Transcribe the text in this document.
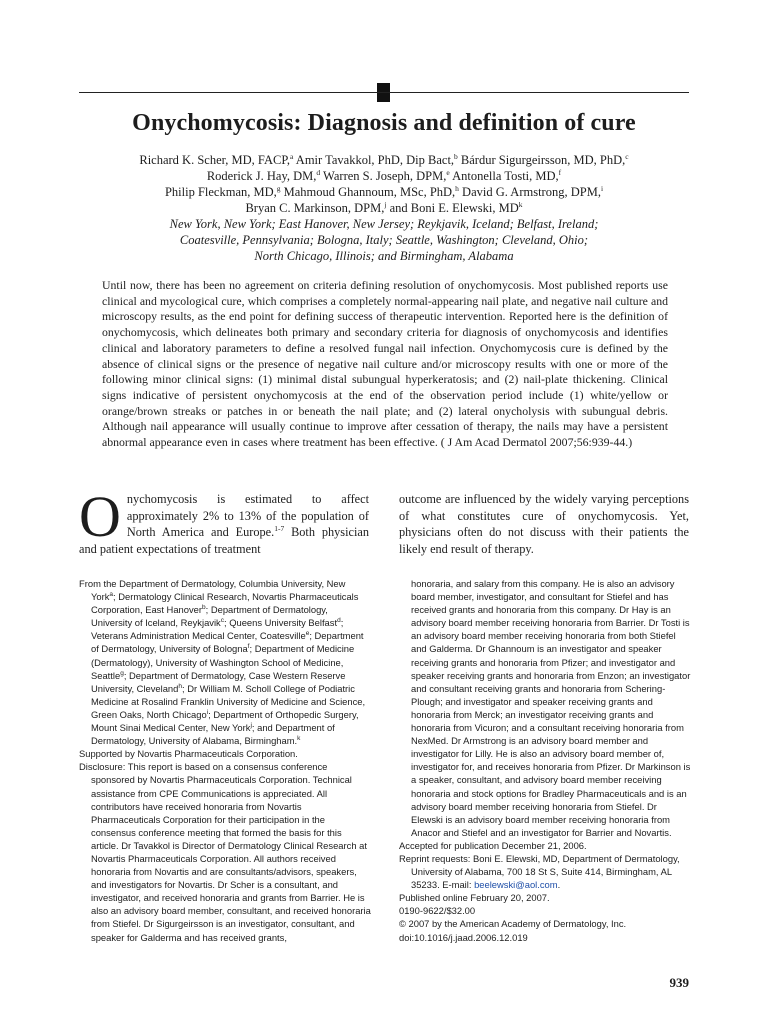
Onychomycosis: Diagnosis and definition of cure
Richard K. Scher, MD, FACP,$^a$ Amir Tavakkol, PhD, Dip Bact,$^b$ Bárdur Sigurgeirsson, MD, PhD,$^c$
Roderick J. Hay, DM,$^d$ Warren S. Joseph, DPM,$^e$ Antonella Tosti, MD,$^f$
Philip Fleckman, MD,$^g$ Mahmoud Ghannoum, MSc, PhD,$^h$ David G. Armstrong, DPM,$^i$
Bryan C. Markinson, DPM,$^j$ and Boni E. Elewski, $MD^k$
New York, New York; East Hanover, New Jersey; Reykjavik, Iceland; Belfast, Ireland;
Coatesville, Pennsylvania; Bologna, Italy; Seattle, Washington; Cleveland, Ohio;
North Chicago, Illinois; and Birmingham, Alabama
Until now, there has been no agreement on criteria defining resolution of onychomycosis. Most published reports use clinical and mycological cure, which comprises a completely normal-appearing nail plate, and negative nail culture and microscopy results, as the end point for defining success of therapeutic intervention. Reported here is the definition of onychomycosis, which delineates both primary and secondary criteria for diagnosis of onychomycosis and identifies clinical and laboratory parameters to define a resolved fungal nail infection. Onychomycosis cure is defined by the absence of clinical signs or the presence of negative nail culture and/or microscopy results with one or more of the following minor clinical signs: (1) minimal distal subungual hyperkeratosis; and (2) nail-plate thickening. Clinical signs indicative of persistent onychomycosis at the end of the observation period include (1) white/yellow or orange/brown streaks or patches in or beneath the nail plate; and (2) lateral onycholysis with subungual debris. Although nail appearance will usually continue to improve after cessation of therapy, the nails may have a persistent abnormal appearance even in cases where treatment has been effective. ( J Am Acad Dermatol 2007;56:939-44.)
Onychomycosis is estimated to affect approximately 2% to 13% of the population of North America and Europe.$^{1-7}$ Both physician and patient expectations of treatment
outcome are influenced by the widely varying perceptions of what constitutes cure of onychomycosis. Yet, physicians often do not discuss with their patients the likely end result of therapy.

From the Department of Dermatology, Columbia University, New York$^a$; Dermatology Clinical Research, Novartis Pharmaceuticals Corporation, East Hanover$^b$; Department of Dermatology, University of Iceland, Reykjavik$^c$; Queens University Belfast$^d$; Veterans Administration Medical Center, Coatesville$^e$; Department of Dermatology, University of Bologna$^f$; Department of Medicine (Dermatology), University of Washington School of Medicine, Seattle$^g$; Department of Dermatology, Case Western Reserve University, Cleveland$^h$; Dr William M. Scholl College of Podiatric Medicine at Rosalind Franklin University of Medicine and Science, Green Oaks, North Chicago$^i$; Department of Orthopedic Surgery, Mount Sinai Medical Center, New York$^j$; and Department of Dermatology, University of Alabama, Birmingham.$^k$

Supported by Novartis Pharmaceuticals Corporation.

Disclosure: This report is based on a consensus conference sponsored by Novartis Pharmaceuticals Corporation. Technical assistance from CPE Communications is appreciated. All contributors have received honoraria from Novartis Pharmaceuticals Corporation for their participation in the consensus conference meeting that formed the basis for this article. Dr Tavakkol is Director of Dermatology Clinical Research at Novartis Pharmaceuticals Corporation. All authors received honoraria from Novartis and are consultants/advisors, speakers, and investigators for Novartis. Dr Scher is a consultant, and investigator, and received honoraria and grants from Barrier. He is also an advisory board member, consultant, and received honoraria from Stiefel. Dr Sigurgeirsson is an investigator, consultant, and speaker for Galderma and has received grants,

honoraria, and salary from this company. He is also an advisory board member, investigator, and consultant for Stiefel and has received grants and honoraria from this company. Dr Hay is an advisory board member receiving honoraria from Barrier. Dr Tosti is an advisory board member receiving honoraria from both Stiefel and Galderma. Dr Ghannoum is an investigator and speaker receiving grants and honoraria from Pfizer; and investigator and speaker receiving grants and honoraria from Enzon; an investigator and consultant receiving grants and honoraria from Schering-Plough; and investigator and speaker receiving grants and honoraria from Merck; an investigator receiving grants and honoraria from Vicuron; and a consultant receiving honoraria from NexMed. Dr Armstrong is an advisory board member and investigator for Lilly. He is also an advisory board member of, investigator for, and receives honoraria from Pfizer. Dr Markinson is a speaker, consultant, and advisory board member receiving honoraria and stock options for Bradley Pharmaceuticals and is an advisory board member receiving honoraria from Stiefel. Dr Elewski is an advisory board member receiving honoraria from Anacor and Stiefel and an investigator for Barrier and Novartis.

Accepted for publication December 21, 2006.

Reprint requests: Boni E. Elewski, MD, Department of Dermatology, University of Alabama, 700 18 St S, Suite 414, Birmingham, AL 35233. E-mail: beelewski@aol.com.

Published online February 20, 2007.

0190-9622/$32.00

© 2007 by the American Academy of Dermatology, Inc.

doi:10.1016/j.jaad.2006.12.019

939
